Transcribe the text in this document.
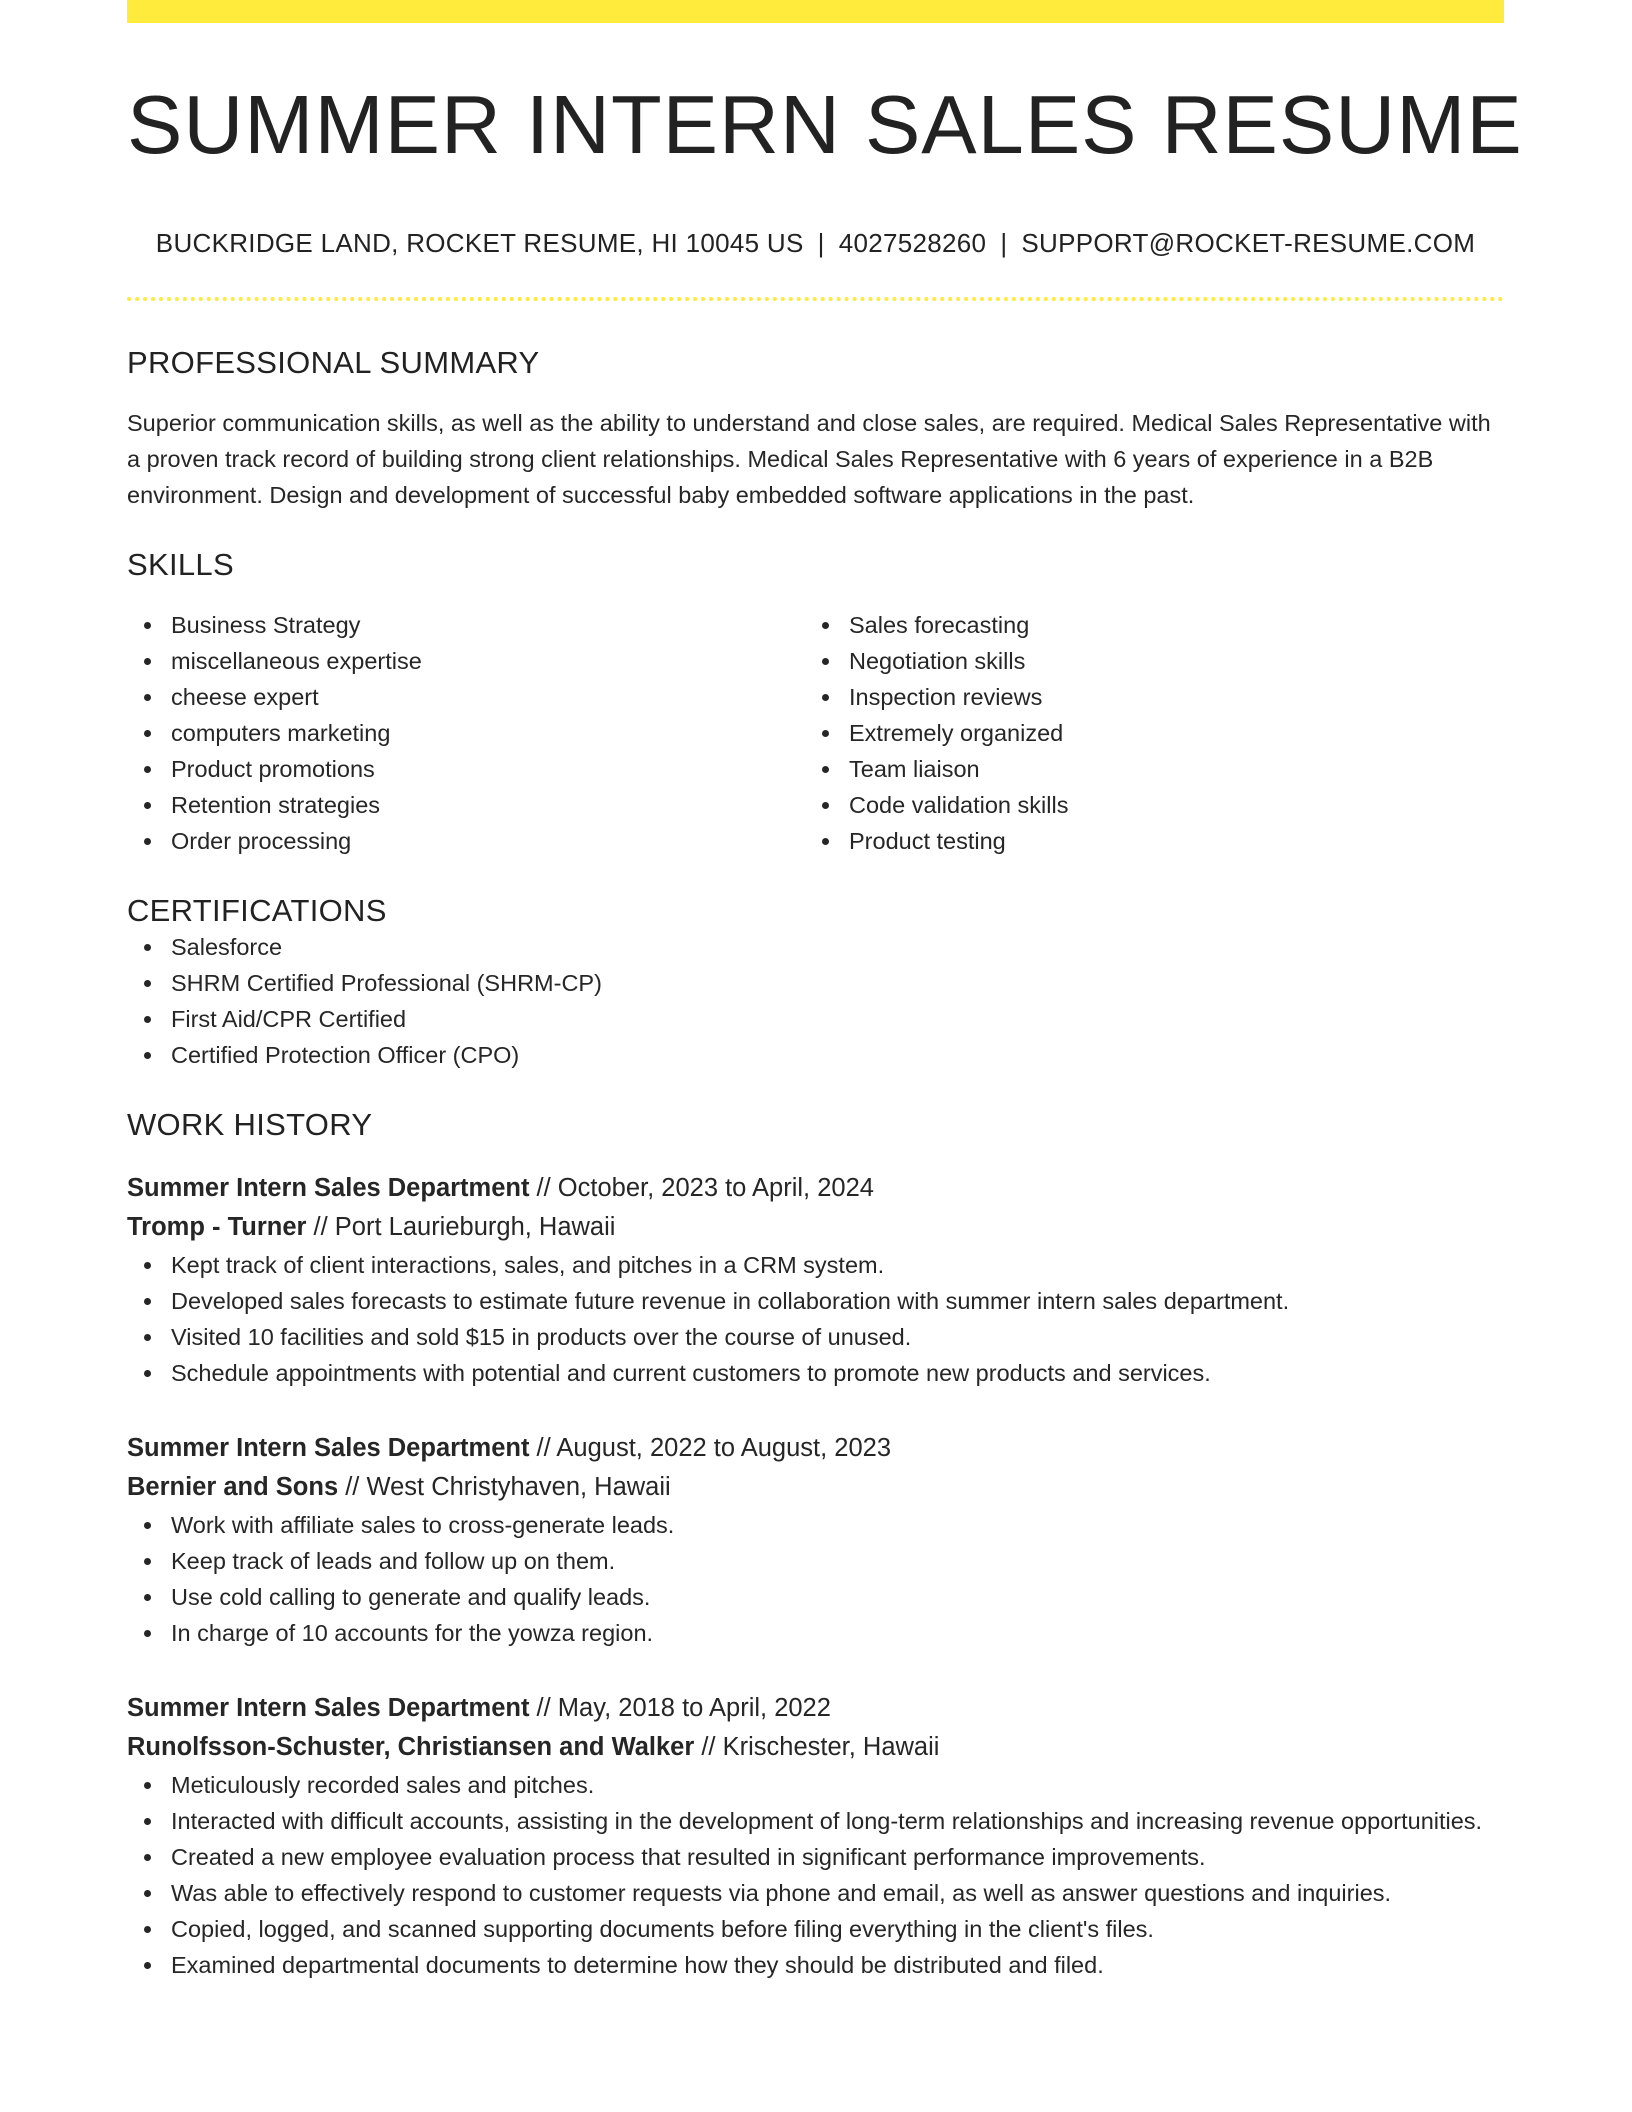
SUMMER INTERN SALES RESUME
BUCKRIDGE LAND, ROCKET RESUME, HI 10045 US | 4027528260 | SUPPORT@ROCKET-RESUME.COM
PROFESSIONAL SUMMARY

Superior communication skills, as well as the ability to understand and close sales, are required. Medical Sales Representative with a proven track record of building strong client relationships. Medical Sales Representative with 6 years of experience in a B2B environment. Design and development of successful baby embedded software applications in the past.

SKILLS
Business Strategy
miscellaneous expertise
cheese expert
computers marketing
Product promotions
Retention strategies
Order processing
Sales forecasting
Negotiation skills
Inspection reviews
Extremely organized
Team liaison
Code validation skills
Product testing
CERTIFICATIONS
Salesforce
SHRM Certified Professional (SHRM-CP)
First Aid/CPR Certified
Certified Protection Officer (CPO)
WORK HISTORY
Summer Intern Sales Department // October, 2023 to April, 2024
Tromp - Turner // Port Laurieburgh, Hawaii
Kept track of client interactions, sales, and pitches in a CRM system.
Developed sales forecasts to estimate future revenue in collaboration with summer intern sales department.
Visited 10 facilities and sold $15 in products over the course of unused.
Schedule appointments with potential and current customers to promote new products and services.
Summer Intern Sales Department // August, 2022 to August, 2023
Bernier and Sons // West Christyhaven, Hawaii
Work with affiliate sales to cross-generate leads.
Keep track of leads and follow up on them.
Use cold calling to generate and qualify leads.
In charge of 10 accounts for the yowza region.
Summer Intern Sales Department // May, 2018 to April, 2022
Runolfsson-Schuster, Christiansen and Walker // Krischester, Hawaii
Meticulously recorded sales and pitches.
Interacted with difficult accounts, assisting in the development of long-term relationships and increasing revenue opportunities.
Created a new employee evaluation process that resulted in significant performance improvements.
Was able to effectively respond to customer requests via phone and email, as well as answer questions and inquiries.
Copied, logged, and scanned supporting documents before filing everything in the client's files.
Examined departmental documents to determine how they should be distributed and filed.
